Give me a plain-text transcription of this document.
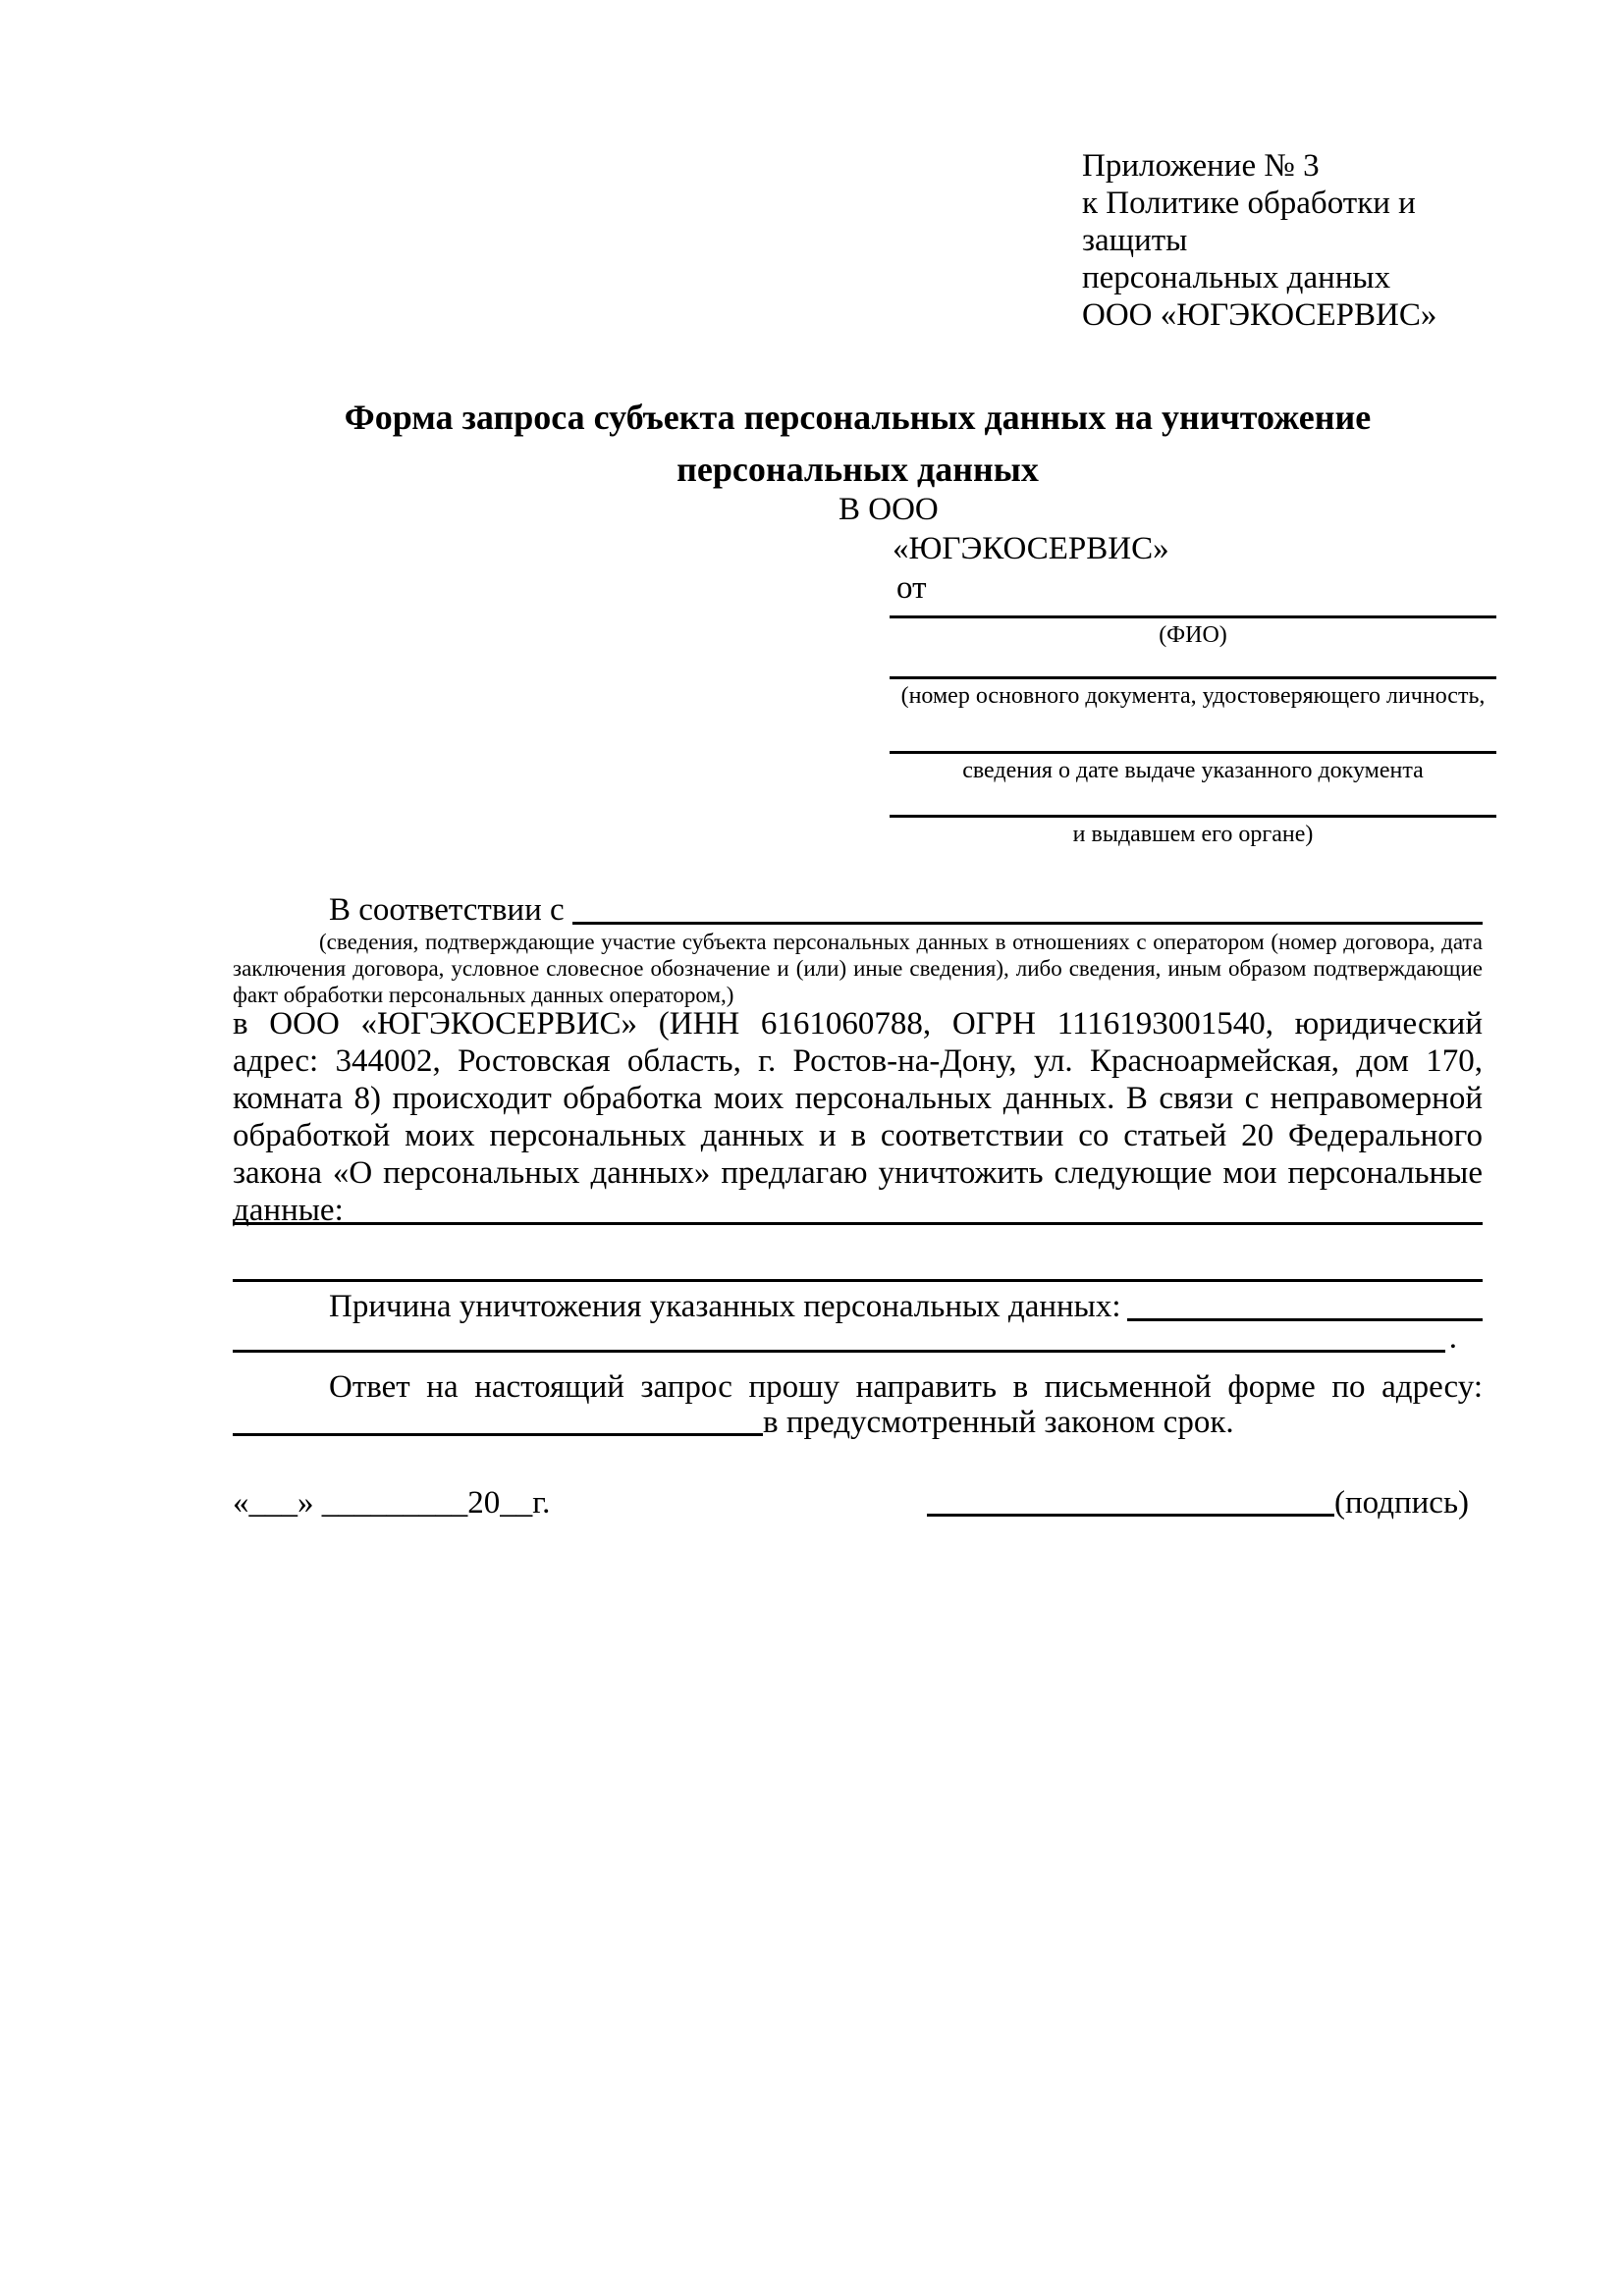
Приложение № 3
к Политике обработки и защиты
персональных данных
ООО «ЮГЭКОСЕРВИС»
Форма запроса субъекта персональных данных на уничтожение
персональных данных
В ООО
«ЮГЭКОСЕРВИС»
от
(ФИО)
(номер основного документа, удостоверяющего личность,
сведения о дате выдаче указанного документа
и выдавшем его органе)
В соответствии с
(сведения, подтверждающие участие субъекта персональных данных в отношениях с оператором (номер договора, дата заключения договора, условное словесное обозначение и (или) иные сведения), либо сведения, иным образом подтверждающие факт обработки персональных данных оператором,)
в ООО «ЮГЭКОСЕРВИС» (ИНН 6161060788, ОГРН 1116193001540, юридический адрес: 344002, Ростовская область, г. Ростов-на-Дону, ул. Красноармейская, дом 170, комната 8) происходит обработка моих персональных данных. В связи с неправомерной обработкой моих персональных данных и в соответствии со статьей 20 Федерального закона «О персональных данных» предлагаю уничтожить следующие мои персональные данные:
Причина уничтожения указанных персональных данных:
.
Ответ на настоящий запрос прошу направить в письменной форме по адресу:
в предусмотренный законом срок.
«___» _________20__г.	(подпись)
